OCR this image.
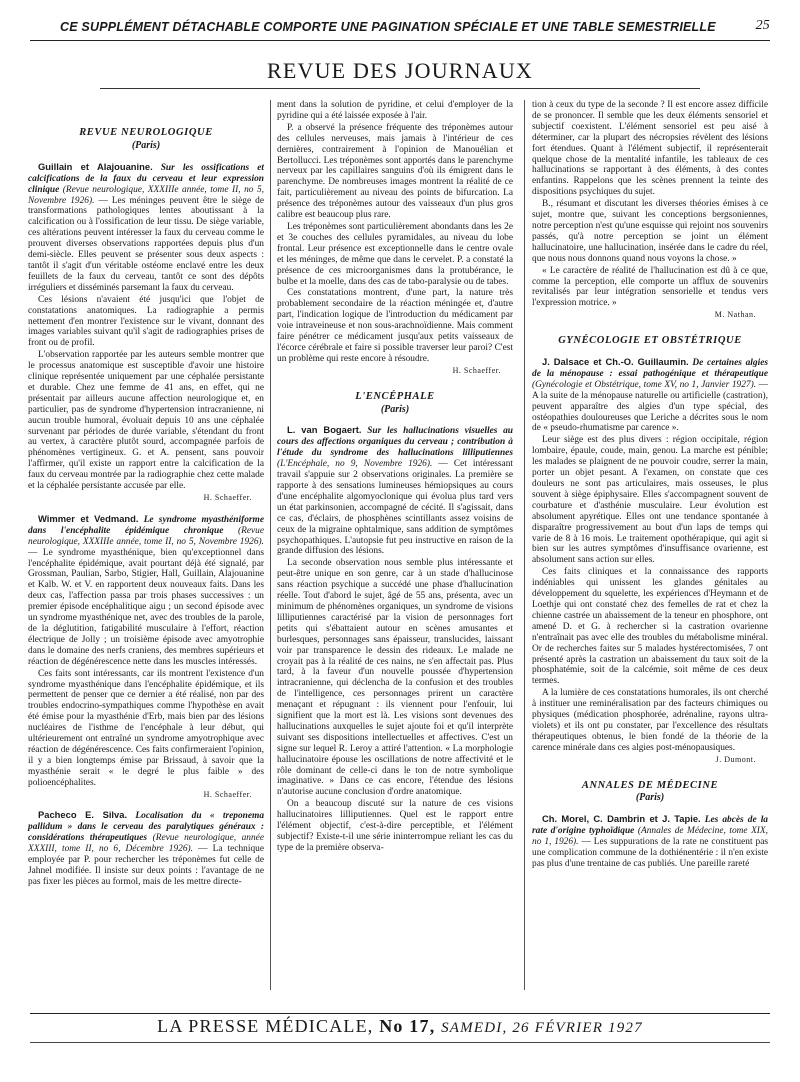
CE SUPPLÉMENT DÉTACHABLE COMPORTE UNE PAGINATION SPÉCIALE ET UNE TABLE SEMESTRIELLE	25
REVUE DES JOURNAUX
REVUE NEUROLOGIQUE
(Paris)

Guillain et Alajouanine. Sur les ossifications et calcifications de la faux du cerveau et leur expression clinique (Revue neurologique, XXXIIIe année, tome II, no 5, Novembre 1926). — Les méninges peuvent être le siège de transformations pathologiques lentes aboutissant à la calcification ou à l'ossification de leur tissu. De siège variable, ces altérations peuvent intéresser la faux du cerveau comme le prouvent diverses observations rapportées depuis plus d'un demi-siècle. Elles peuvent se présenter sous deux aspects : tantôt il s'agit d'un véritable ostéome enclavé entre les deux feuillets de la faux du cerveau, tantôt ce sont des dépôts irréguliers et disséminés parsemant la faux du cerveau.

Ces lésions n'avaient été jusqu'ici que l'objet de constatations anatomiques. La radiographie a permis nettement d'en montrer l'existence sur le vivant, donnant des images variables suivant qu'il s'agit de radiographies prises de front ou de profil.

L'observation rapportée par les auteurs semble montrer que le processus anatomique est susceptible d'avoir une histoire clinique représentée uniquement par une céphalée persistante et durable. Chez une femme de 41 ans, en effet, qui ne présentait par ailleurs aucune affection neurologique et, en particulier, pas de syndrome d'hypertension intracranienne, ni aucun trouble humoral, évoluait depuis 10 ans une céphalée survenant par périodes de durée variable, s'étendant du front au vertex, à caractère plutôt sourd, accompagnée parfois de phénomènes vertigineux. G. et A. pensent, sans pouvoir l'affirmer, qu'il existe un rapport entre la calcification de la faux du cerveau montrée par la radiographie chez cette malade et la céphalée persistante accusée par elle.

H. Schaeffer.

Wimmer et Vedmand. Le syndrome myasthéniforme dans l'encéphalite épidémique chronique (Revue neurologique, XXXIIIe année, tome II, no 5, Novembre 1926). — Le syndrome myasthénique, bien qu'exceptionnel dans l'encéphalite épidémique, avait pourtant déjà été signalé, par Grossman, Paulian, Sarbo, Stigier, Hall, Guillain, Alajouanine et Kalb. W. et V. en rapportent deux nouveaux faits. Dans les deux cas, l'affection passa par trois phases successives : un premier épisode encéphalitique aigu ; un second épisode avec un syndrome myasthénique net, avec des troubles de la parole, de la déglutition, fatigabilité musculaire à l'effort, réaction électrique de Jolly ; un troisième épisode avec amyotrophie dans le domaine des nerfs craniens, des membres supérieurs et réaction de dégénérescence nette dans les muscles intéressés.

Ces faits sont intéressants, car ils montrent l'existence d'un syndrome myasthénique dans l'encéphalite épidémique, et ils permettent de penser que ce dernier a été réalisé, non par des troubles endocrino-sympathiques comme l'hypothèse en avait été émise pour la myasthénie d'Erb, mais bien par des lésions nucléaires de l'isthme de l'encéphale à leur début, qui ultérieurement ont entraîné un syndrome amyotrophique avec réaction de dégénérescence. Ces faits confirmeraient l'opinion, il y a bien longtemps émise par Brissaud, à savoir que la myasthénie serait « le degré le plus faible » des polioencéphalites.

H. Schaeffer.

Pacheco E. Silva. Localisation du « treponema pallidum » dans le cerveau des paralytiques généraux : considérations thérapeutiques (Revue neurologique, année XXXIII, tome II, no 6, Décembre 1926). — La technique employée par P. pour rechercher les tréponèmes fut celle de Jahnel modifiée. Il insiste sur deux points : l'avantage de ne pas fixer les pièces au formol, mais de les mettre directe-

ment dans la solution de pyridine, et celui d'employer de la pyridine qui a été laissée exposée à l'air.

P. a observé la présence fréquente des tréponèmes autour des cellules nerveuses, mais jamais à l'intérieur de ces dernières, contrairement à l'opinion de Manouélian et Bertollucci. Les tréponèmes sont apportés dans le parenchyme nerveux par les capillaires sanguins d'où ils émigrent dans le parenchyme. De nombreuses images montrent la réalité de ce fait, particulièrement au niveau des points de bifurcation. La présence des tréponèmes autour des vaisseaux d'un plus gros calibre est beaucoup plus rare.

Les tréponèmes sont particulièrement abondants dans les 2e et 3e couches des cellules pyramidales, au niveau du lobe frontal. Leur présence est exceptionnelle dans le centre ovale et les méninges, de même que dans le cervelet. P. a constaté la présence de ces microorganismes dans la protubérance, le bulbe et la moelle, dans des cas de tabo-paralysie ou de tabes.

Ces constatations montrent, d'une part, la nature très probablement secondaire de la réaction méningée et, d'autre part, l'indication logique de l'introduction du médicament par voie intraveineuse et non sous-arachnoïdienne. Mais comment faire pénétrer ce médicament jusqu'aux petits vaisseaux de l'écorce cérébrale et faire si possible traverser leur paroi? C'est un problème qui reste encore à résoudre.

H. Schaeffer.
L'ENCÉPHALE
(Paris)

L. van Bogaert. Sur les hallucinations visuelles au cours des affections organiques du cerveau ; contribution à l'étude du syndrome des hallucinations lilliputiennes (L'Encéphale, no 9, Novembre 1926). — Cet intéressant travail s'appuie sur 2 observations originales. La première se rapporte à des sensations lumineuses hémiopsiques au cours d'une encéphalite algomyoclonique qui évolua plus tard vers un état parkinsonien, accompagné de cécité. Il s'agissait, dans ce cas, d'éclairs, de phosphènes scintillants assez voisins de ceux de la migraine ophtalmique, sans addition de symptômes psychopathiques. L'autopsie fut peu instructive en raison de la grande diffusion des lésions.

La seconde observation nous semble plus intéressante et peut-être unique en son genre, car à un stade d'hallucinose sans réaction psychique a succédé une phase d'hallucination réelle. Tout d'abord le sujet, âgé de 55 ans, présenta, avec un minimum de phénomènes organiques, un syndrome de visions lilliputiennes caractérisé par la vision de personnages fort petits qui s'ébattaient autour en scènes amusantes et burlesques, personnages sans épaisseur, translucides, laissant voir par transparence le dessin des rideaux. Le malade ne croyait pas à la réalité de ces nains, ne s'en affectait pas. Plus tard, à la faveur d'un nouvelle poussée d'hypertension intracranienne, qui déclencha de la confusion et des troubles de l'intelligence, ces personnages prirent un caractère menaçant et répugnant : ils viennent pour l'enfouir, lui signifient que la mort est là. Les visions sont devenues des hallucinations auxquelles le sujet ajoute foi et qu'il interprète suivant ses dispositions intellectuelles et affectives. C'est un signe sur lequel R. Leroy a attiré l'attention. « La morphologie hallucinatoire épouse les oscillations de notre affectivité et le rôle dominant de celle-ci dans le ton de notre symbolique imaginative. » Dans ce cas encore, l'étendue des lésions n'autorise aucune conclusion d'ordre anatomique.

On a beaucoup discuté sur la nature de ces visions hallucinatoires lilliputiennes. Quel est le rapport entre l'élément objectif, c'est-à-dire perceptible, et l'élément subjectif? Existe-t-il une série ininterrompue reliant les cas du type de la première observa-

tion à ceux du type de la seconde ? Il est encore assez difficile de se prononcer. Il semble que les deux éléments sensoriel et subjectif coexistent. L'élément sensoriel est peu aisé à déterminer, car la plupart des nécropsies révèlent des lésions fort étendues. Quant à l'élément subjectif, il représenterait quelque chose de la mentalité infantile, les tableaux de ces hallucinations se rapportant à des éléments, à des contes enfantins. Rappelons que les scènes prennent la teinte des dispositions psychiques du sujet.

B., résumant et discutant les diverses théories émises à ce sujet, montre que, suivant les conceptions bergsoniennes, notre perception n'est qu'une esquisse qui rejoint nos souvenirs passés, qu'à notre perception se joint un élément hallucinatoire, une hallucination, insérée dans le cadre du réel, que nous nous donnons quand nous voyons la chose. »

« Le caractère de réalité de l'hallucination est dû à ce que, comme la perception, elle comporte un afflux de souvenirs revitalisés par leur intégration sensorielle et tendus vers l'expression motrice. »

M. Nathan.
GYNÉCOLOGIE ET OBSTÉTRIQUE

J. Dalsace et Ch.-O. Guillaumin. De certaines algies de la ménopause : essai pathogénique et thérapeutique (Gynécologie et Obstétrique, tome XV, no 1, Janvier 1927). — A la suite de la ménopause naturelle ou artificielle (castration), peuvent apparaître des algies d'un type spécial, des ostéopathies douloureuses que Leriche a décrites sous le nom de « pseudo-rhumatisme par carence ».

Leur siège est des plus divers : région occipitale, région lombaire, épaule, coude, main, genou. La marche est pénible; les malades se plaignent de ne pouvoir coudre, serrer la main, porter un objet pesant. A l'examen, on constate que ces douleurs ne sont pas articulaires, mais osseuses, le plus souvent à siège épiphysaire. Elles s'accompagnent souvent de courbature et d'asthénie musculaire. Leur évolution est absolument apyrétique. Elles ont une tendance spontanée à disparaître progressivement au bout d'un laps de temps qui varie de 8 à 16 mois. Le traitement opothérapique, qui agit si bien sur les autres symptômes d'insuffisance ovarienne, est absolument sans action sur elles.

Ces faits cliniques et la connaissance des rapports indéniables qui unissent les glandes génitales au développement du squelette, les expériences d'Heymann et de Loethje qui ont constaté chez des femelles de rat et chez la chienne castrée un abaissement de la teneur en phosphore, ont amené D. et G. à rechercher si la castration ovarienne n'entraînait pas avec elle des troubles du métabolisme minéral. Or de recherches faites sur 5 malades hystérectomisées, 7 ont présenté après la castration un abaissement du taux soit de la phosphatémie, soit de la calcémie, soit même de ces deux termes.

A la lumière de ces constatations humorales, ils ont cherché à instituer une reminéralisation par des facteurs chimiques ou physiques (médication phosphorée, adrénaline, rayons ultra-violets) et ils ont pu constater, par l'excellence des résultats thérapeutiques obtenus, le bien fondé de la théorie de la carence minérale dans ces algies post-ménopausiques.

J. Dumont.
ANNALES DE MÉDECINE
(Paris)

Ch. Morel, C. Dambrin et J. Tapie. Les abcès de la rate d'origine typhoïdique (Annales de Médecine, tome XIX, no 1, 1926). — Les suppurations de la rate ne constituent pas une complication commune de la dothiénentérie : il n'en existe pas plus d'une trentaine de cas publiés. Une pareille rareté

LA PRESSE MÉDICALE, No 17, SAMEDI, 26 FÉVRIER 1927
